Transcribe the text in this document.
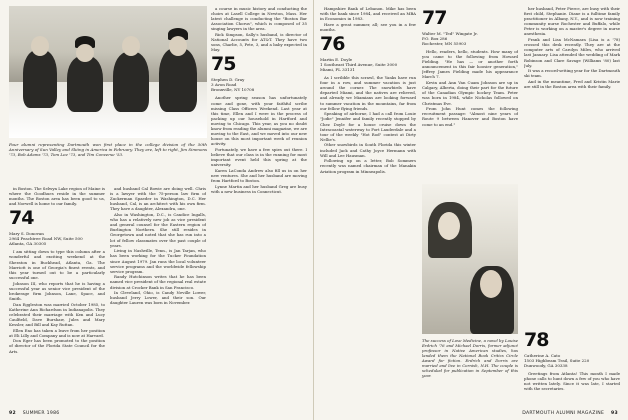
Four alumni representing Dartmouth won first place in the college division of the 50th Anniversary of Sun Valley and Skiing in America in February. They are, left to right, Jim Simmons '73, Bob Adams '73, Tom Lee '73, and Tim Converse '53.

in Boston. The Selwyn Lake region of Maine is where the Goodhues reside in the summer months. The Boston area has been good to us, and Norwell is home to our family.

74
Mary S. Donovan
2964 Peachtree Road NW, Suite 500
Atlanta, GA 30305

I am sitting down to type this column after a wonderful and exciting weekend at the Sheraton in Buckhead, Atlanta, Ga. The Marriott is one of Georgia's finest events, and this year turned out to be a particularly successful one.

Johnson III, who reports that he is having a successful year as senior vice president of the brokerage firm Johnson, Lane, Space, and Smith.

Dan Eggleston was married October 1985, to Katherine Ann Richardson in Indianapolis. They celebrated their marriage with Ken and Lucy Caulfield, Dave Burshaw, Jules and Mary Kessler, and Bill and Kay Ruttan.

Ellen Eno has taken a leave from her position at Eli Lilly and Company and is now at Harvard.

Don Eger has been promoted to the position of director of the Florida State Council for the Arts.

and husband Cal Bowie are doing well. Chris is a lawyer with the 75-person law firm of Zuckerman Spaeder in Washington, D.C. Her husband, Cal, is an architect with his own firm. They have a daughter, Alexandra, one.

Also in Washington, D.C., is Candice Ingalls, who has a relatively new job as vice president and general counsel for the Eastern region of Burlington Northern. She still resides in Georgetown and noted that she has run into a lot of fellow classmates over the past couple of years.

Living in Nashville, Tenn., is Jan Tarjan, who has been working for the Tucker Foundation since August 1979. Jan runs the local volunteer service programs and the worldwide fellowship service program.

Randy Hutchinson writes that he has been named vice president of the regional real estate division at Crocker Bank in San Francisco.

In Cleveland, Ohio, is Candy Neville Lower, husband Jerry Lower, and their son. Our daughter Lauren was born in November.

a course in music history and conducting the choirs at Lasell College in Newton, Mass. Her latest challenge is conducting the "Boston Bar Association Chorus", which is composed of 35 singing lawyers in the area.

Rick Simpson, Sally's husband, is director of National Accounts for AT&T. They have two sons, Charlie, 5, Pete, 3, and a baby expected in May.

75
Stephen D. Gray
3 Avon Road
Bronxville, NY 10708

Another spring season has unfortunately come and gone, with your faithful scribe missing Class Officers Weekend. Last year at this time, Ellen and I were in the process of packing up our household in Hartford and moving to Chicago. This year, as you no doubt know from reading the alumni magazine, we are moving to the East, and we moved into our new house on this most important week of reunion activity.

Fortunately, we have a few spies out there. I believe that our class is in the running for most important event held this spring at the university.

Karen LaConda Andrew also fill us in on her new ventures. She and her husband are moving from Hartford to Boston.

Lynne Martin and her husband Greg are busy with a new business in Connecticut.

92 SUMMER 1986

Hampshire Bank of Lebanon. Mike has been with the bank since 1984, and received an MBA in Economics in 1983.

Have a great summer, all; see you in a few months.

76
Martin E. Doyle
1 Southeast Third Avenue, Suite 3000
Miami, FL 33131

As I scribble this scrawl, the Yanks have run four in a row, and summer vacation is just around the corner. The snowbirds have departed Miami, and the natives are relieved, and already we Miamians are looking forward to summer vacation in the mountains, far from our fellow flying friends.

Speaking of airborne, I had a call from Louie "Jodie" Jennifer and family recently stopped by Chez Doyle for a house cruise down the Intracoastal waterway to Fort Lauderdale and a tour of the weekly "Hot Rod" contest at Dirty Nellie's.

Other snowbirds in South Florida this winter included Jack and Cathy Joyce Hermann with Will and Lee Hausman.

Following up on a letter, Bob Sommers recently was named chairman of the Manakin Aviation program in Minneapolis.

77
Walter M. "Ted" Wingate Jr.
P.O. Box 286
Rochester, MN 55903

Hello, readers, hello, students. How many of you came to the following from Howard Fielding. "He has — or another forth announcement in this fair hoosier generation," Jeffrey James Fielding made his appearance March 7.

Kevin and Ann Van Cuam Johnson are up in Calgary, Alberta, doing their part for the future of the Canadian Olympic hockey Team. Peter was born in 1984, while Nicholas followed on Christmas Eve.

From John Hunt comes the following recruitment passage: "Almost nine years of Route 9 between Hanover and Boston have come to an end."

her husband, Peter Pierce, are busy with their first child, Stephanie. Diane is a fulltime family practitioner in Albany, N.Y., and is now training community nurse Rochester and Buffalo, while Peter is working on a master's degree in nurse anesthesia.

Frank and Lisa McNamara (Lisa is a '78) crossed this desk recently. They are at the computer arts of Carolyn Miles, who arrived last January. Lisa attended the wedding of Mark Robinson and Clare Savage (Williams '80) last July.

It was a record-setting year for the Dartmouth ski team.

And in the meantime, Fred and Kristin Marie are still in the Boston area with their family.

78
Catherine A. Cato
1503 Highbeam Trail, Suite 220
Dunwoody, GA 30338

Greetings from Atlanta! This month I made phone calls to hunt down a few of you who have not written lately. Since it was late, I started with the secretaries.

The success of Love Medicine, a novel by Louise Erdrich '76 and Michael Dorris, former adjunct professor in Native American studies, has landed them the National Book Critics Circle Award for fiction. Erdrich and Dorris are married and live in Cornish, N.H. The couple is scheduled for publication in September of this year.
DARTMOUTH ALUMNI MAGAZINE 93
